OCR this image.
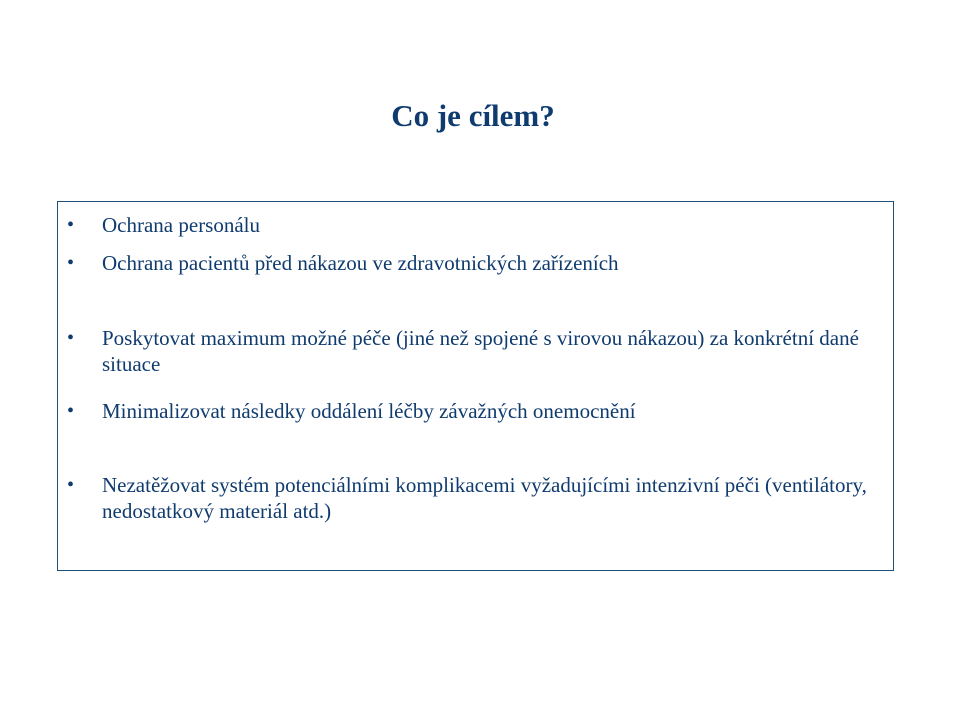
Co je cílem?
•	Ochrana personálu
•	Ochrana pacientů před nákazou ve zdravotnických zařízeních
•	Poskytovat maximum možné péče (jiné než spojené s virovou nákazou) za konkrétní dané situace
•	Minimalizovat následky oddálení léčby závažných onemocnění
•	Nezatěžovat systém potenciálními komplikacemi vyžadujícími intenzivní péči (ventilátory, nedostatkový materiál atd.)
